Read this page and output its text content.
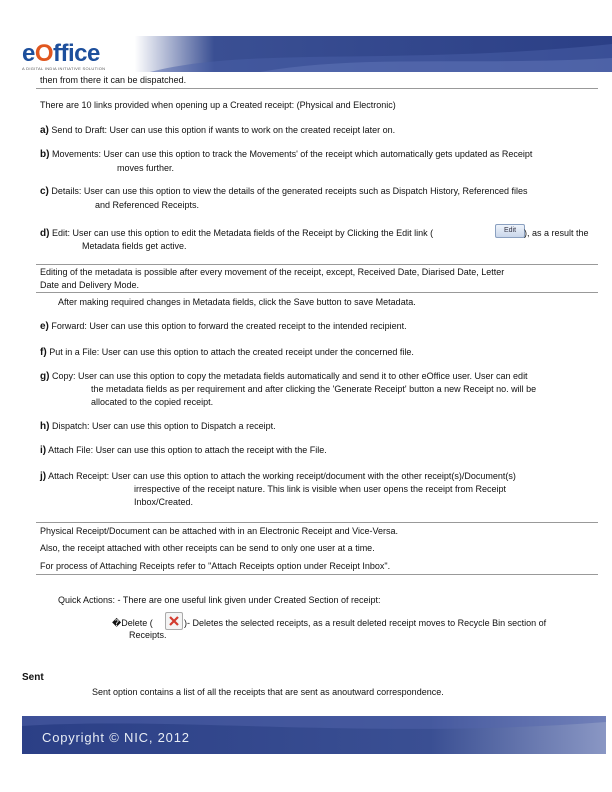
eOffice
A DIGITAL INDIA INITIATIVE SOLUTION
then from there it can be dispatched.
There are 10 links provided when opening up a Created receipt: (Physical and Electronic)
a) Send to Draft: User can use this option if wants to work on the created receipt later on.
b) Movements: User can use this option to track the Movements' of the receipt which automatically gets updated as Receipt
moves further.
c) Details: User can use this option to view the details of the generated receipts such as Dispatch History, Referenced files
and Referenced Receipts.
d) Edit: User can use this option to edit the Metadata fields of the Receipt by Clicking the Edit link (	Edit ), as a result the
Metadata fields get active.
Editing of the metadata is possible after every movement of the receipt, except, Received Date, Diarised Date, Letter
Date and Delivery Mode.
After making required changes in Metadata fields, click the Save button to save Metadata.
e) Forward: User can use this option to forward the created receipt to the intended recipient.
f) Put in a File: User can use this option to attach the created receipt under the concerned file.
g) Copy: User can use this option to copy the metadata fields automatically and send it to other eOffice user. User can edit
the metadata fields as per requirement and after clicking the 'Generate Receipt' button a new Receipt no. will be
allocated to the copied receipt.
h) Dispatch: User can use this option to Dispatch a receipt.
i) Attach File: User can use this option to attach the receipt with the File.
j) Attach Receipt: User can use this option to attach the working receipt/document with the other receipt(s)/Document(s)
irrespective of the receipt nature. This link is visible when user opens the receipt from Receipt
Inbox/Created.
Physical Receipt/Document can be attached with in an Electronic Receipt and Vice-Versa.
Also, the receipt attached with other receipts can be send to only one user at a time.
For process of Attaching Receipts refer to "Attach Receipts option under Receipt Inbox".
Quick Actions: - There are one useful link given under Created Section of receipt:
�Delete (	)- Deletes the selected receipts, as a result deleted receipt moves to Recycle Bin section of
Receipts.
Sent
Sent option contains a list of all the receipts that are sent as anoutward correspondence.
Copyright © NIC, 2012
